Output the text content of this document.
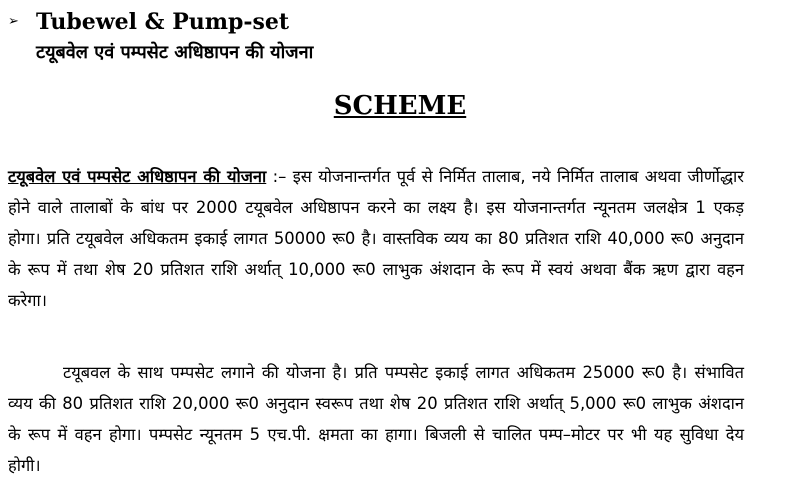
➢ Tubewel & Pump-set
टयूबवेल एवं पम्पसेट अधिष्ठापन की योजना
SCHEME

टयूबवेल एवं पम्पसेट अधिष्ठापन की योजना :– इस योजनान्तर्गत पूर्व से निर्मित तालाब, नये निर्मित तालाब अथवा जीर्णोद्धार होने वाले तालाबों के बांध पर 2000 टयूबवेल अधिष्ठापन करने का लक्ष्य है। इस योजनान्तर्गत न्यूनतम जलक्षेत्र 1 एकड़ होगा। प्रति टयूबवेल अधिकतम इकाई लागत 50000 रू0 है। वास्तविक व्यय का 80 प्रतिशत राशि 40,000 रू0 अनुदान के रूप में तथा शेष 20 प्रतिशत राशि अर्थात् 10,000 रू0 लाभुक अंशदान के रूप में स्वयं अथवा बैंक ऋण द्वारा वहन करेगा।

टयूबवल के साथ पम्पसेट लगाने की योजना है। प्रति पम्पसेट इकाई लागत अधिकतम 25000 रू0 है। संभावित व्यय की 80 प्रतिशत राशि 20,000 रू0 अनुदान स्वरूप तथा शेष 20 प्रतिशत राशि अर्थात् 5,000 रू0 लाभुक अंशदान के रूप में वहन होगा। पम्पसेट न्यूनतम 5 एच.पी. क्षमता का हागा। बिजली से चालित पम्प–मोटर पर भी यह सुविधा देय होगी।
